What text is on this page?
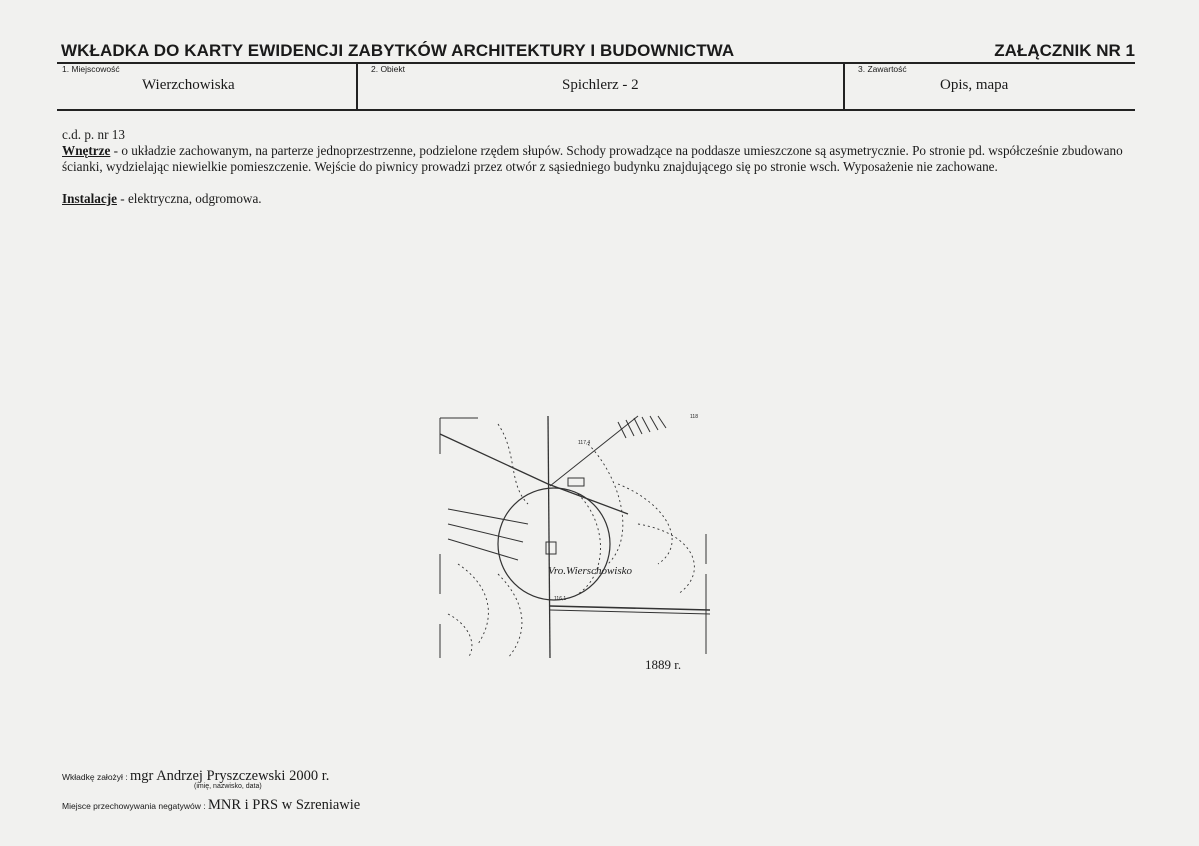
WKŁADKA DO KARTY EWIDENCJI ZABYTKÓW ARCHITEKTURY I BUDOWNICTWA	ZAŁĄCZNIK NR 1
1. Miejscowość
Wierzchowiska
2. Obiekt
Spichlerz - 2
3. Zawartość
Opis, mapa

c.d. p. nr 13

Wnętrze - o układzie zachowanym, na parterze jednoprzestrzenne, podzielone rzędem słupów. Schody prowadzące na poddasze umieszczone są asymetrycznie. Po stronie pd. współcześnie zbudowano ścianki, wydzielając niewielkie pomieszczenie. Wejście do piwnicy prowadzi przez otwór z sąsiedniego budynku znajdującego się po stronie wsch. Wyposażenie nie zachowane.

Instalacje - elektryczna, odgromowa.

Vro.Wierschowisko
117,4
118
116,1
1889 r.
Wkładkę założył : mgr Andrzej Pryszczewski 2000 r.
(imię, nazwisko, data)
Miejsce przechowywania negatywów : MNR i PRS w Szreniawie
